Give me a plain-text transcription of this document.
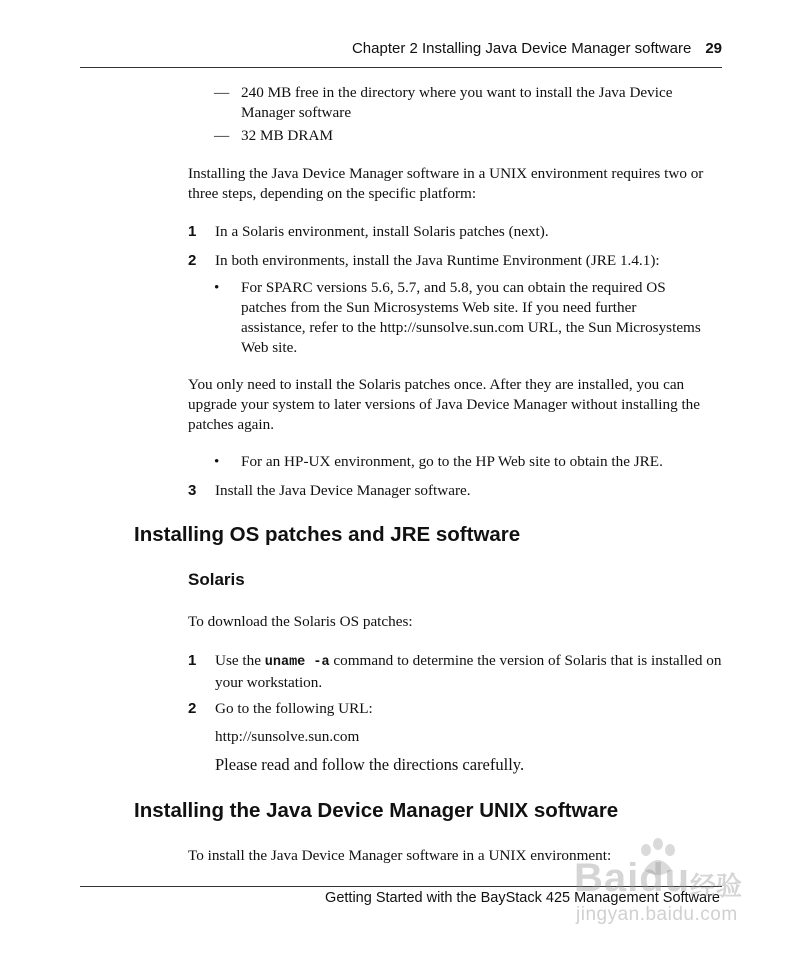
Chapter 2 Installing Java Device Manager software 29
— 240 MB free in the directory where you want to install the Java Device Manager software
— 32 MB DRAM
Installing the Java Device Manager software in a UNIX environment requires two or three steps, depending on the specific platform:
1 In a Solaris environment, install Solaris patches (next).
2 In both environments, install the Java Runtime Environment (JRE 1.4.1):
• For SPARC versions 5.6, 5.7, and 5.8, you can obtain the required OS patches from the Sun Microsystems Web site. If you need further assistance, refer to the http://sunsolve.sun.com URL, the Sun Microsystems Web site.
You only need to install the Solaris patches once. After they are installed, you can upgrade your system to later versions of Java Device Manager without installing the patches again.
• For an HP-UX environment, go to the HP Web site to obtain the JRE.
3 Install the Java Device Manager software.
Installing OS patches and JRE software
Solaris
To download the Solaris OS patches:
1 Use the uname -a command to determine the version of Solaris that is installed on your workstation.
2 Go to the following URL:
http://sunsolve.sun.com
Please read and follow the directions carefully.
Installing the Java Device Manager UNIX software
To install the Java Device Manager software in a UNIX environment:
Getting Started with the BayStack 425 Management Software
Baidu 经验
jingyan.baidu.com
